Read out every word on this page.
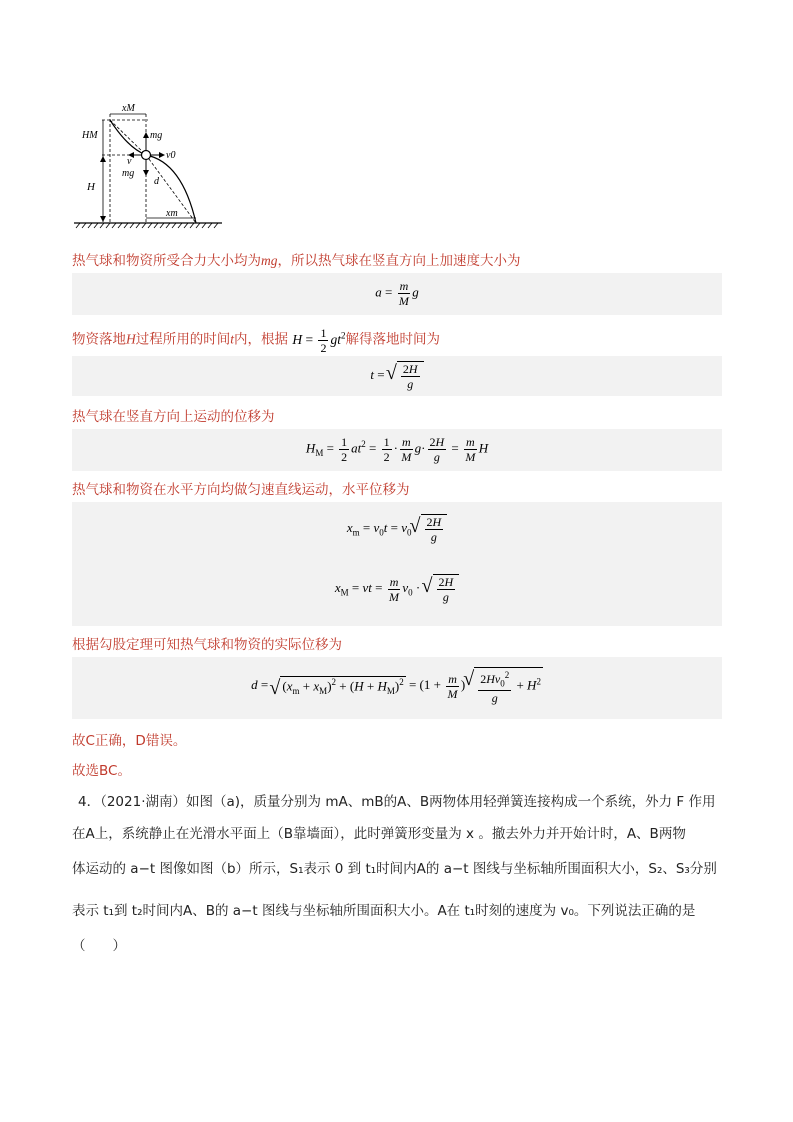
xM
HM	mg
v0
v
mg
d
H
xm
热气球和物资所受合力大小均为mg，所以热气球在竖直方向上加速度大小为
$a = \frac{m}{M}$ g
物资落地H过程所用的时间t内，根据 $H = \frac{1}{2} gt^2$解得落地时间为
t = √ $\frac{2H}{g}$
热气球在竖直方向上运动的位移为
$H_M = \frac{1}{2} at^2 = \frac{1}{2} \cdot \frac{m}{M} g\cdot \frac{2H}{g} = \frac{m}{M}$ H
热气球和物资在水平方向均做匀速直线运动，水平位移为
$x_m = v_0t = v_0$ √ $\frac{2H}{g}$
$x_M$ = vt = $\frac{m}{M} v_0$ · √ $\frac{2H}{g}$
根据勾股定理可知热气球和物资的实际位移为
d = √ $(x_m + x_M)^2 + (H + H_M)^2 = (1 + \frac{m}{M}$ ) √ $\frac{2Hv_0^2}{g} + H^2$
故C正确，D错误。
故选BC。
4．（2021·湖南）如图（a)，质量分别为 mA、mB的A、B两物体用轻弹簧连接构成一个系统，外力 F 作用
在A上，系统静止在光滑水平面上（B靠墙面），此时弹簧形变量为 x 。撤去外力并开始计时，A、B两物
体运动的 a−t 图像如图（b）所示，S₁表示 0 到 t₁时间内A的 a−t 图线与坐标轴所围面积大小，S₂、S₃分别
表示 t₁到 t₂时间内A、B的 a−t 图线与坐标轴所围面积大小。A在 t₁时刻的速度为 v₀。下列说法正确的是
（　　）
